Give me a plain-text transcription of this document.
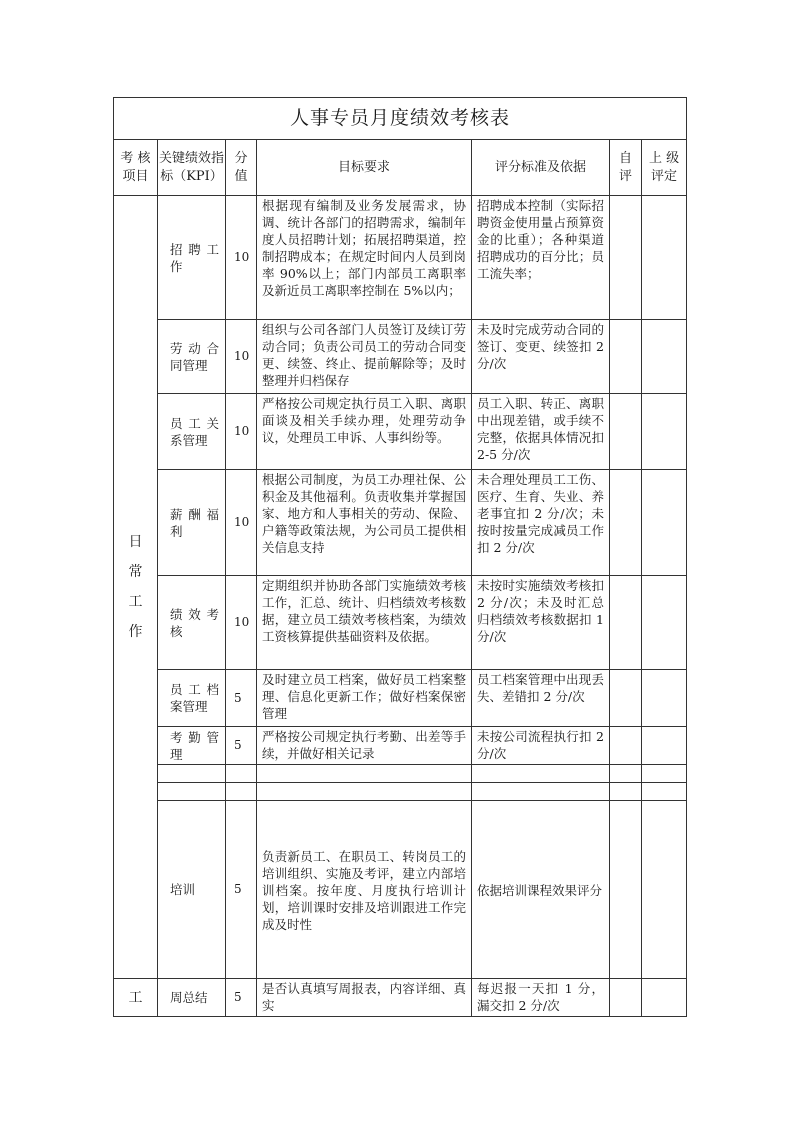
人事专员月度绩效考核表						
考 核 项目	关键绩效指标（KPI）	分值	目标要求	评分标准及依据	自评	上 级 评定
日常工作	招聘工作	10	根据现有编制及业务发展需求，协调、统计各部门的招聘需求，编制年度人员招聘计划；拓展招聘渠道，控制招聘成本；在规定时间内人员到岗率 90%以上；部门内部员工离职率及新近员工离职率控制在 5%以内；	招聘成本控制（实际招聘资金使用量占预算资金的比重）；各种渠道招聘成功的百分比；员工流失率；		
	劳动合同管理	10	组织与公司各部门人员签订及续订劳动合同；负责公司员工的劳动合同变更、续签、终止、提前解除等；及时整理并归档保存	未及时完成劳动合同的签订、变更、续签扣 2 分/次		
	员工关系管理	10	严格按公司规定执行员工入职、离职面谈及相关手续办理，处理劳动争议，处理员工申诉、人事纠纷等。	员工入职、转正、离职中出现差错，或手续不完整，依据具体情况扣 2-5 分/次		
	薪酬福利	10	根据公司制度，为员工办理社保、公积金及其他福利。负责收集并掌握国家、地方和人事相关的劳动、保险、户籍等政策法规，为公司员工提供相关信息支持	未合理处理员工工伤、医疗、生育、失业、养老事宜扣 2 分/次；未按时按量完成减员工作扣 2 分/次		
	绩效考核	10	定期组织并协助各部门实施绩效考核工作，汇总、统计、归档绩效考核数据，建立员工绩效考核档案，为绩效工资核算提供基础资料及依据。	未按时实施绩效考核扣 2 分/次；未及时汇总归档绩效考核数据扣 1 分/次		
	员工档案管理	5	及时建立员工档案，做好员工档案整理、信息化更新工作；做好档案保密管理	员工档案管理中出现丢失、差错扣 2 分/次		
	考勤管理	5	严格按公司规定执行考勤、出差等手续，并做好相关记录	未按公司流程执行扣 2 分/次		

	培训	5	负责新员工、在职员工、转岗员工的培训组织、实施及考评，建立内部培训档案。按年度、月度执行培训计划，培训课时安排及培训跟进工作完成及时性	依据培训课程效果评分		
工	周总结	5	是否认真填写周报表，内容详细、真实	每迟报一天扣 1 分，漏交扣 2 分/次		
